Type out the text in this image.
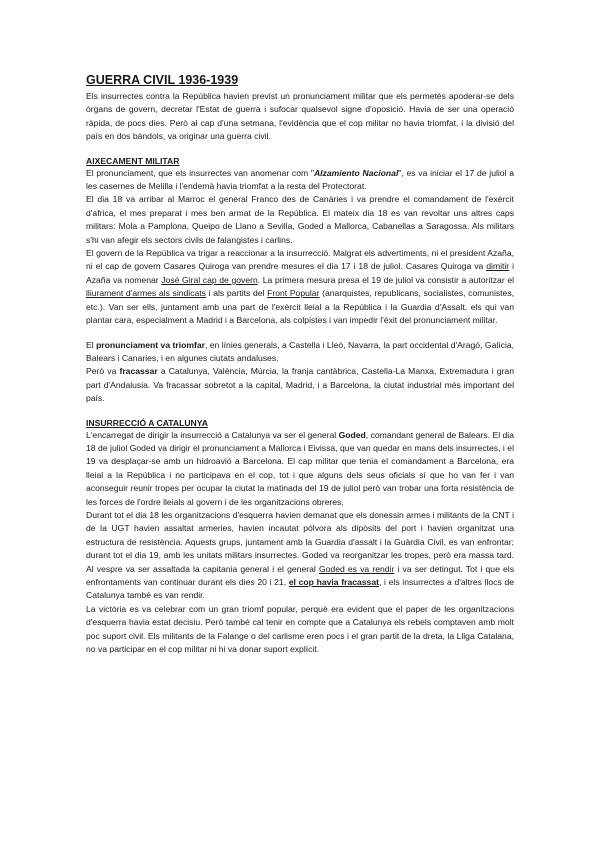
GUERRA CIVIL 1936-1939

Els insurrectes contra la República havien previst un pronunciament militar que els permetés apoderar-se dels òrgans de govern, decretar l'Estat de guerra i sufocar qualsevol signe d'oposició. Havia de ser una operació ràpida, de pocs dies. Però al cap d'una setmana, l'evidència que el cop militar no havia triomfat, i la divisió del país en dos bàndols, va originar una guerra civil.

AIXECAMENT MILITAR

El pronunciament, que els insurrectes van anomenar com "Alzamiento Nacional", es va iniciar el 17 de juliol a les casernes de Melilla i l'endemà havia triomfat a la resta del Protectorat.

El dia 18 va arribar al Marroc el general Franco des de Canàries i va prendre el comandament de l'exèrcit d'africa, el mes preparat i mes ben armat de la República. El mateix dia 18 es van revoltar uns altres caps militars: Mola a Pamplona, Queipo de Llano a Sevilla, Goded a Mallorca, Cabanellas a Saragossa. Als militars s'hi van afegir els sectors civils de falangistes i carlins.

El govern de la República va trigar a reaccionar a la insurrecció. Malgrat els advertiments, ni el president Azaña, ni el cap de govern Casares Quiroga van prendre mesures el dia 17 i 18 de juliol. Casares Quiroga va dimitir i Azaña va nomenar José Giral cap de govern. La primera mesura presa el 19 de juliol va consistir a autoritzar el lliurament d'armes als sindicats i als partits del Front Popular (anarquistes, republicans, socialistes, comunistes, etc.). Van ser ells, juntament amb una part de l'exèrcit lleial a la República i la Guardia d'Assalt, els qui van plantar cara, especialment a Madrid i a Barcelona, als colpistes i van impedir l'èxit del pronunciament militar.

El pronunciament va triomfar, en línies generals, a Castella i Lleó, Navarra, la part occidental d'Aragó, Galícia, Balears i Canaries, i en algunes ciutats andaluses.

Però va fracassar a Catalunya, València, Múrcia, la franja cantàbrica, Castella-La Manxa, Extremadura i gran part d'Andalusia. Va fracassar sobretot a la capital, Madrid, i a Barcelona, la ciutat industrial més important del país.

INSURRECCIÓ A CATALUNYA

L'encarregat de dirigir la insurrecció a Catalunya va ser el general Goded, comandant general de Balears. El dia 18 de juliol Goded va dirigir el pronunciament a Mallorca i Eivissa, que van quedar en mans dels insurrectes, i el 19 va desplaçar-se amb un hidroavió a Barcelona. El cap militar que tenia el comandament a Barcelona, era lleial a la República i no participava en el cop, tot i que alguns dels seus oficials sí que ho van fer i van aconseguir reunir tropes per ocupar la ciutat la matinada del 19 de juliol però van trobar una forta resistència de les forces de l'ordre lleials al govern i de les organitzacions obreres.

Durant tot el dia 18 les organitzacions d'esquerra havien demanat que els donessin armes i militants de la CNT i de la UGT havien assaltat armeries, havien incautat pólvora als dipòsits del port i havien organitzat una estructura de resistència. Aquests grups, juntament amb la Guardia d'assalt i la Guàrdia Civil, es van enfrontar; durant tot el dia 19, amb les unitats militars insurrectes. Goded va reorganitzar les tropes, però era massa tard. Al vespre va ser assaltada la capitania general i el general Goded es va rendir i va ser detingut. Tot i que els enfrontaments van continuar durant els dies 20 i 21, el cop havia fracassat, i els insurrectes a d'altres llocs de Catalunya també es van rendir.

La victòria es va celebrar com un gran triomf popular, perquè era evident que el paper de les organitzacions d'esquerra havia estat decisiu. Però també cal tenir en compte que a Catalunya els rebels comptaven amb molt poc suport civil. Els militants de la Falange o del carlisme eren pocs i el gran partit de la dreta, la Lliga Catalana, no va participar en el cop militar ni hi va donar suport explícit.
